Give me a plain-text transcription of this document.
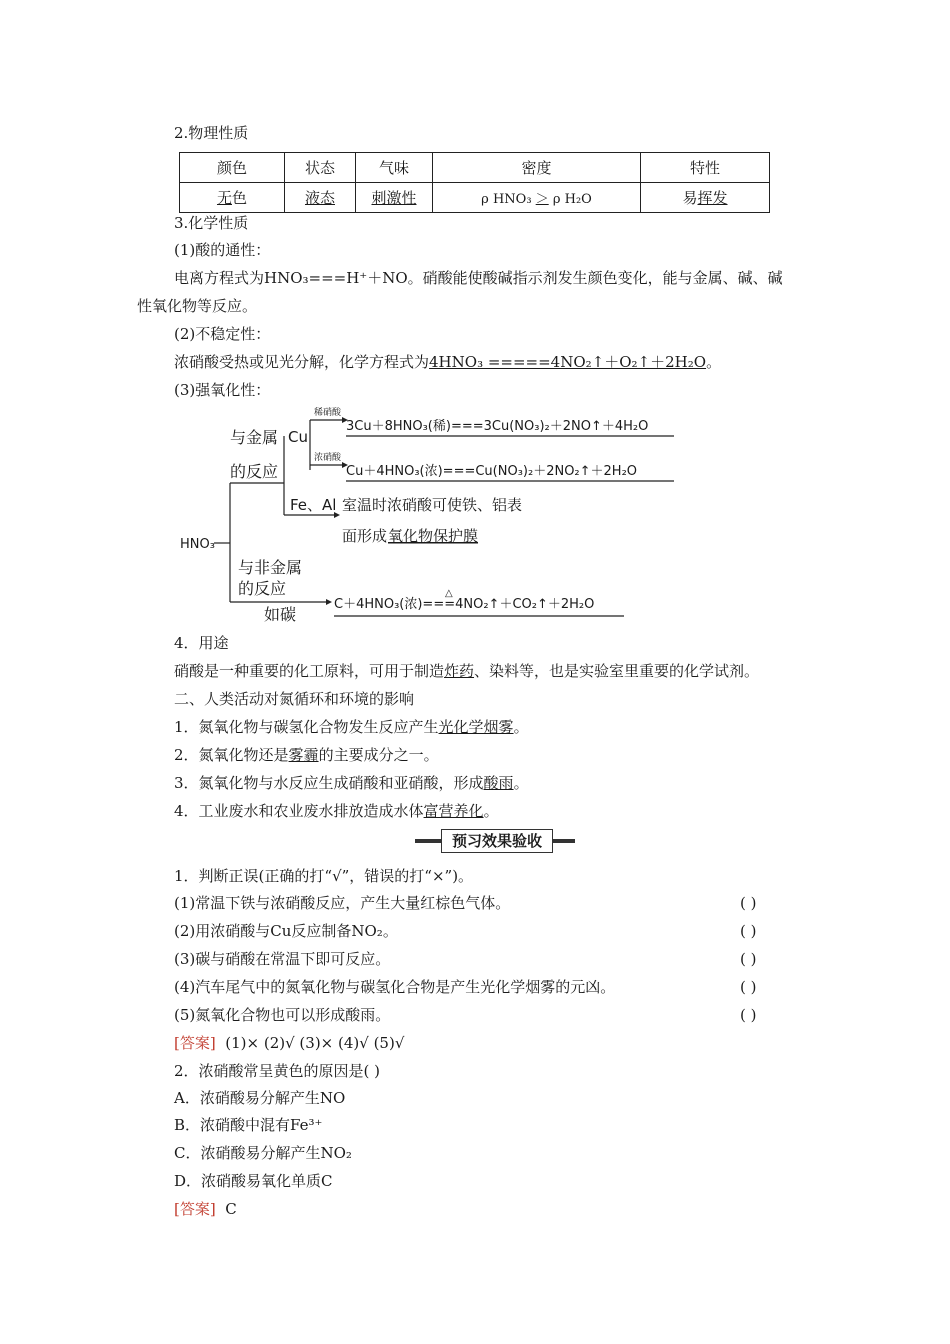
2.物理性质
颜色	状态	气味	密度	特性
无色	液态	刺激性	ρ HNO₃ ＞ ρ H₂O	易挥发
3.化学性质
(1)酸的通性：
电离方程式为HNO₃===H⁺＋NO。硝酸能使酸碱指示剂发生颜色变化，能与金属、碱、碱
性氧化物等反应。
(2)不稳定性：
浓硝酸受热或见光分解，化学方程式为4HNO₃ =====4NO₂↑＋O₂↑＋2H₂O。
(3)强氧化性：
HNO₃
与金属
的反应
Cu
稀硝酸
3Cu＋8HNO₃(稀)===3Cu(NO₃)₂＋2NO↑＋4H₂O
浓硝酸
Cu＋4HNO₃(浓)===Cu(NO₃)₂＋2NO₂↑＋2H₂O
Fe、Al 室温时浓硝酸可使铁、铝表
面形成 氧化物保护膜
与非金属
的反应
如碳
△
C＋4HNO₃(浓)===4NO₂↑＋CO₂↑＋2H₂O
4．用途
硝酸是一种重要的化工原料，可用于制造炸药、染料等，也是实验室里重要的化学试剂。
二、人类活动对氮循环和环境的影响
1．氮氧化物与碳氢化合物发生反应产生光化学烟雾。
2．氮氧化物还是雾霾的主要成分之一。
3．氮氧化物与水反应生成硝酸和亚硝酸，形成酸雨。
4．工业废水和农业废水排放造成水体富营养化。
预习效果验收
1．判断正误(正确的打“√”，错误的打“×”)。
(1)常温下铁与浓硝酸反应，产生大量红棕色气体。	( )
(2)用浓硝酸与Cu反应制备NO₂。	( )
(3)碳与硝酸在常温下即可反应。	( )
(4)汽车尾气中的氮氧化物与碳氢化合物是产生光化学烟雾的元凶。	( )
(5)氮氧化合物也可以形成酸雨。	( )
[答案] (1)× (2)√ (3)× (4)√ (5)√
2．浓硝酸常呈黄色的原因是( )
A．浓硝酸易分解产生NO
B．浓硝酸中混有Fe³⁺
C．浓硝酸易分解产生NO₂
D．浓硝酸易氧化单质C
[答案] C
